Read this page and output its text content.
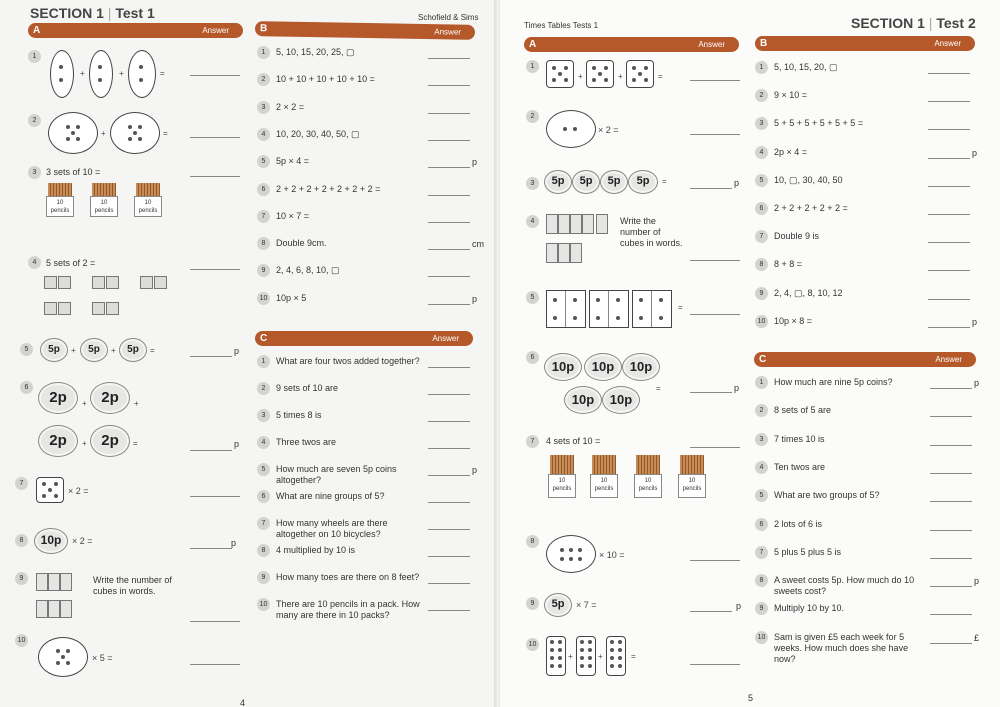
SECTION 1 | Test 1	Schofield & Sims
A	Answer	B	Answer
C	Answer
1
+	+	=
2
+	=
3	3 sets of 10 =
10 pencils
10 pencils
10 pencils
4	5 sets of 2 =
5	5p	+	5p	+	5p	=	p
6
2p	+ 2p	+
2p	+ 2p	=	p
7
× 2 =
8	10p	× 2 =	p
9	Write the number of cubes in words.
10
× 5 =
1	5, 10, 15, 20, 25, ▢
2	10 + 10 + 10 + 10 + 10 =
3	2 × 2 =
4	10, 20, 30, 40, 50, ▢
5	5p × 4 =	p
6	2 + 2 + 2 + 2 + 2 + 2 + 2 =
7	10 × 7 =
8	Double 9cm.	cm
9	2, 4, 6, 8, 10, ▢
10 10p × 5	p
1	What are four twos added together?
2	9 sets of 10 are
3	5 times 8 is
4	Three twos are
5	How much are seven 5p coins altogether?
p
6	What are nine groups of 5?
7	How many wheels are there altogether on 10 bicycles?
8	4 multiplied by 10 is
9	How many toes are there on 8 feet?
10 There are 10 pencils in a pack. How many are there in 10 packs?
4
Times Tables Tests 1	SECTION 1 | Test 2
A	Answer	B	Answer
C	Answer
1
+	+	=
2
× 2 =
3	5p	5p	5p	5p	=	p
4	Write the number of cubes in words.
5
=
6
10p	10p	10p
10p	10p
=	p
7	4 sets of 10 =
10 pencils
10 pencils
10 pencils
10 pencils
8
× 10 =
9	5p	× 7 =	p
10
+	+	=
1	5, 10, 15, 20, ▢
2	9 × 10 =
3	5 + 5 + 5 + 5 + 5 + 5 =
4	2p × 4 =	p
5	10, ▢, 30, 40, 50
6	2 + 2 + 2 + 2 + 2 =
7	Double 9 is
8	8 + 8 =
9	2, 4, ▢, 8, 10, 12
10 10p × 8 =	p
1	How much are nine 5p coins?	p
2	8 sets of 5 are
3	7 times 10 is
4	Ten twos are
5	What are two groups of 5?
6	2 lots of 6 is
7	5 plus 5 plus 5 is
8	A sweet costs 5p. How much do 10 sweets cost?
p
9	Multiply 10 by 10.
10 Sam is given £5 each week for 5 weeks. How much does she have now?
£
5
